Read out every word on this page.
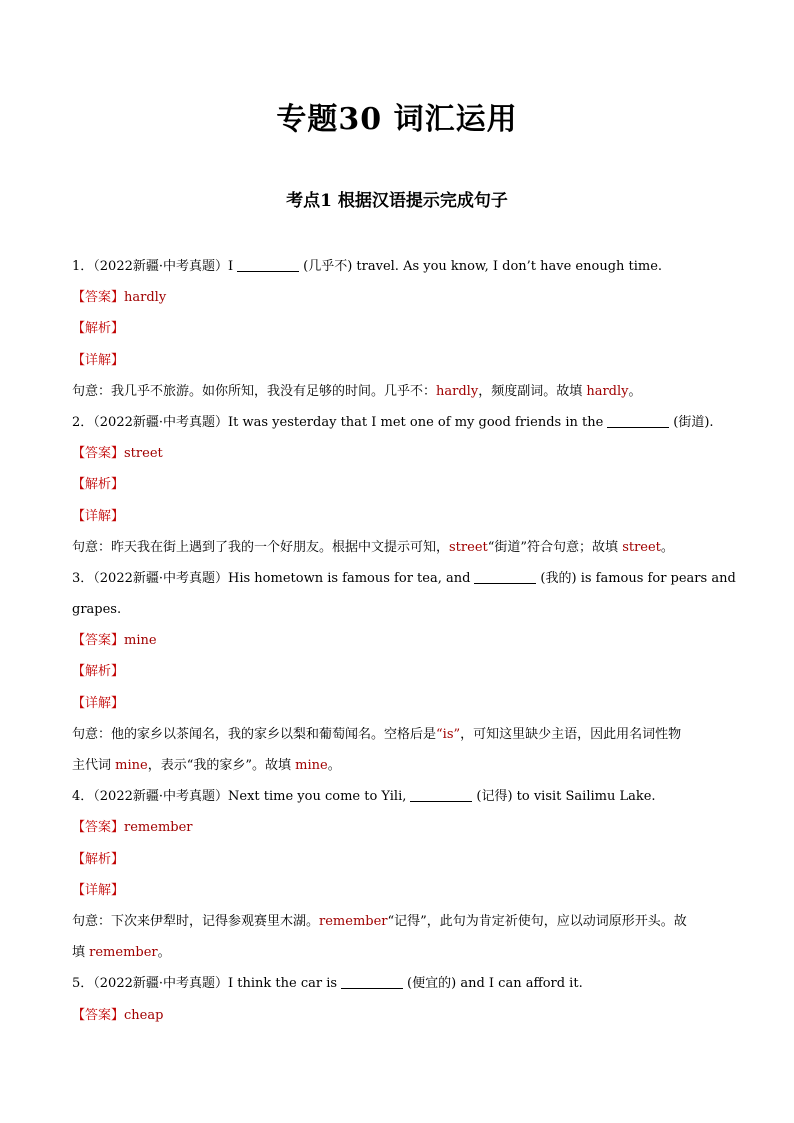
专题30 词汇运用
考点1 根据汉语提示完成句子
1．（2022新疆·中考真题）I	(几乎不) travel. As you know, I don’t have enough time.
【答案】hardly
【解析】
【详解】
句意：我几乎不旅游。如你所知，我没有足够的时间。几乎不：hardly，频度副词。故填 hardly。
2．（2022新疆·中考真题）It was yesterday that I met one of my good friends in the	(街道).
【答案】street
【解析】
【详解】
句意：昨天我在街上遇到了我的一个好朋友。根据中文提示可知，street“街道”符合句意；故填 street。
3．（2022新疆·中考真题）His hometown is famous for tea, and	(我的) is famous for pears and
grapes.
【答案】mine
【解析】
【详解】
句意：他的家乡以茶闻名，我的家乡以梨和葡萄闻名。空格后是“is”，可知这里缺少主语，因此用名词性物
主代词 mine，表示“我的家乡”。故填 mine。
4．（2022新疆·中考真题）Next time you come to Yili,	(记得) to visit Sailimu Lake.
【答案】remember
【解析】
【详解】
句意：下次来伊犁时，记得参观赛里木湖。remember“记得”，此句为肯定祈使句，应以动词原形开头。故
填 remember。
5．（2022新疆·中考真题）I think the car is	(便宜的) and I can afford it.
【答案】cheap
